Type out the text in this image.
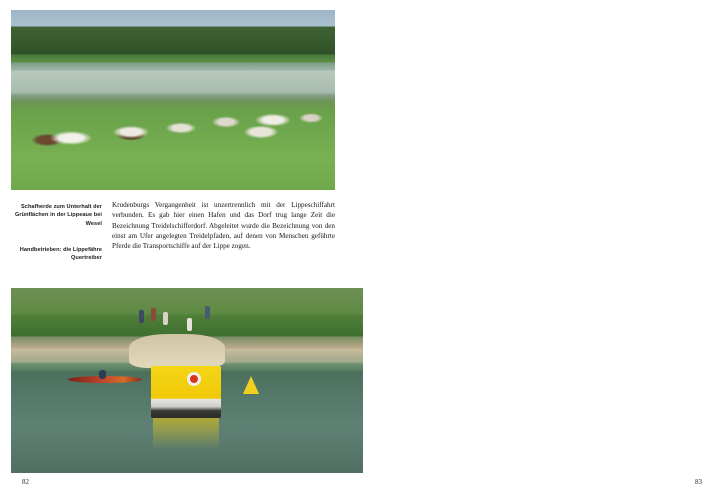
Schafherde zum Unterhalt der Grünflächen in der Lippeaue bei Wesel
Handbetrieben: die Lippefähre Quertreiber

Krudenburgs Vergangenheit ist unzertrennlich mit der Lippeschiffahrt verbunden. Es gab hier einen Hafen und das Dorf trug lange Zeit die Bezeichnung Treidelschifferdorf. Abgeleitet wurde die Bezeichnung von den einst am Ufer angelegten Treidelpfaden, auf denen von Menschen geführte Pferde die Transportschiffe auf der Lippe zogen.

82	83
